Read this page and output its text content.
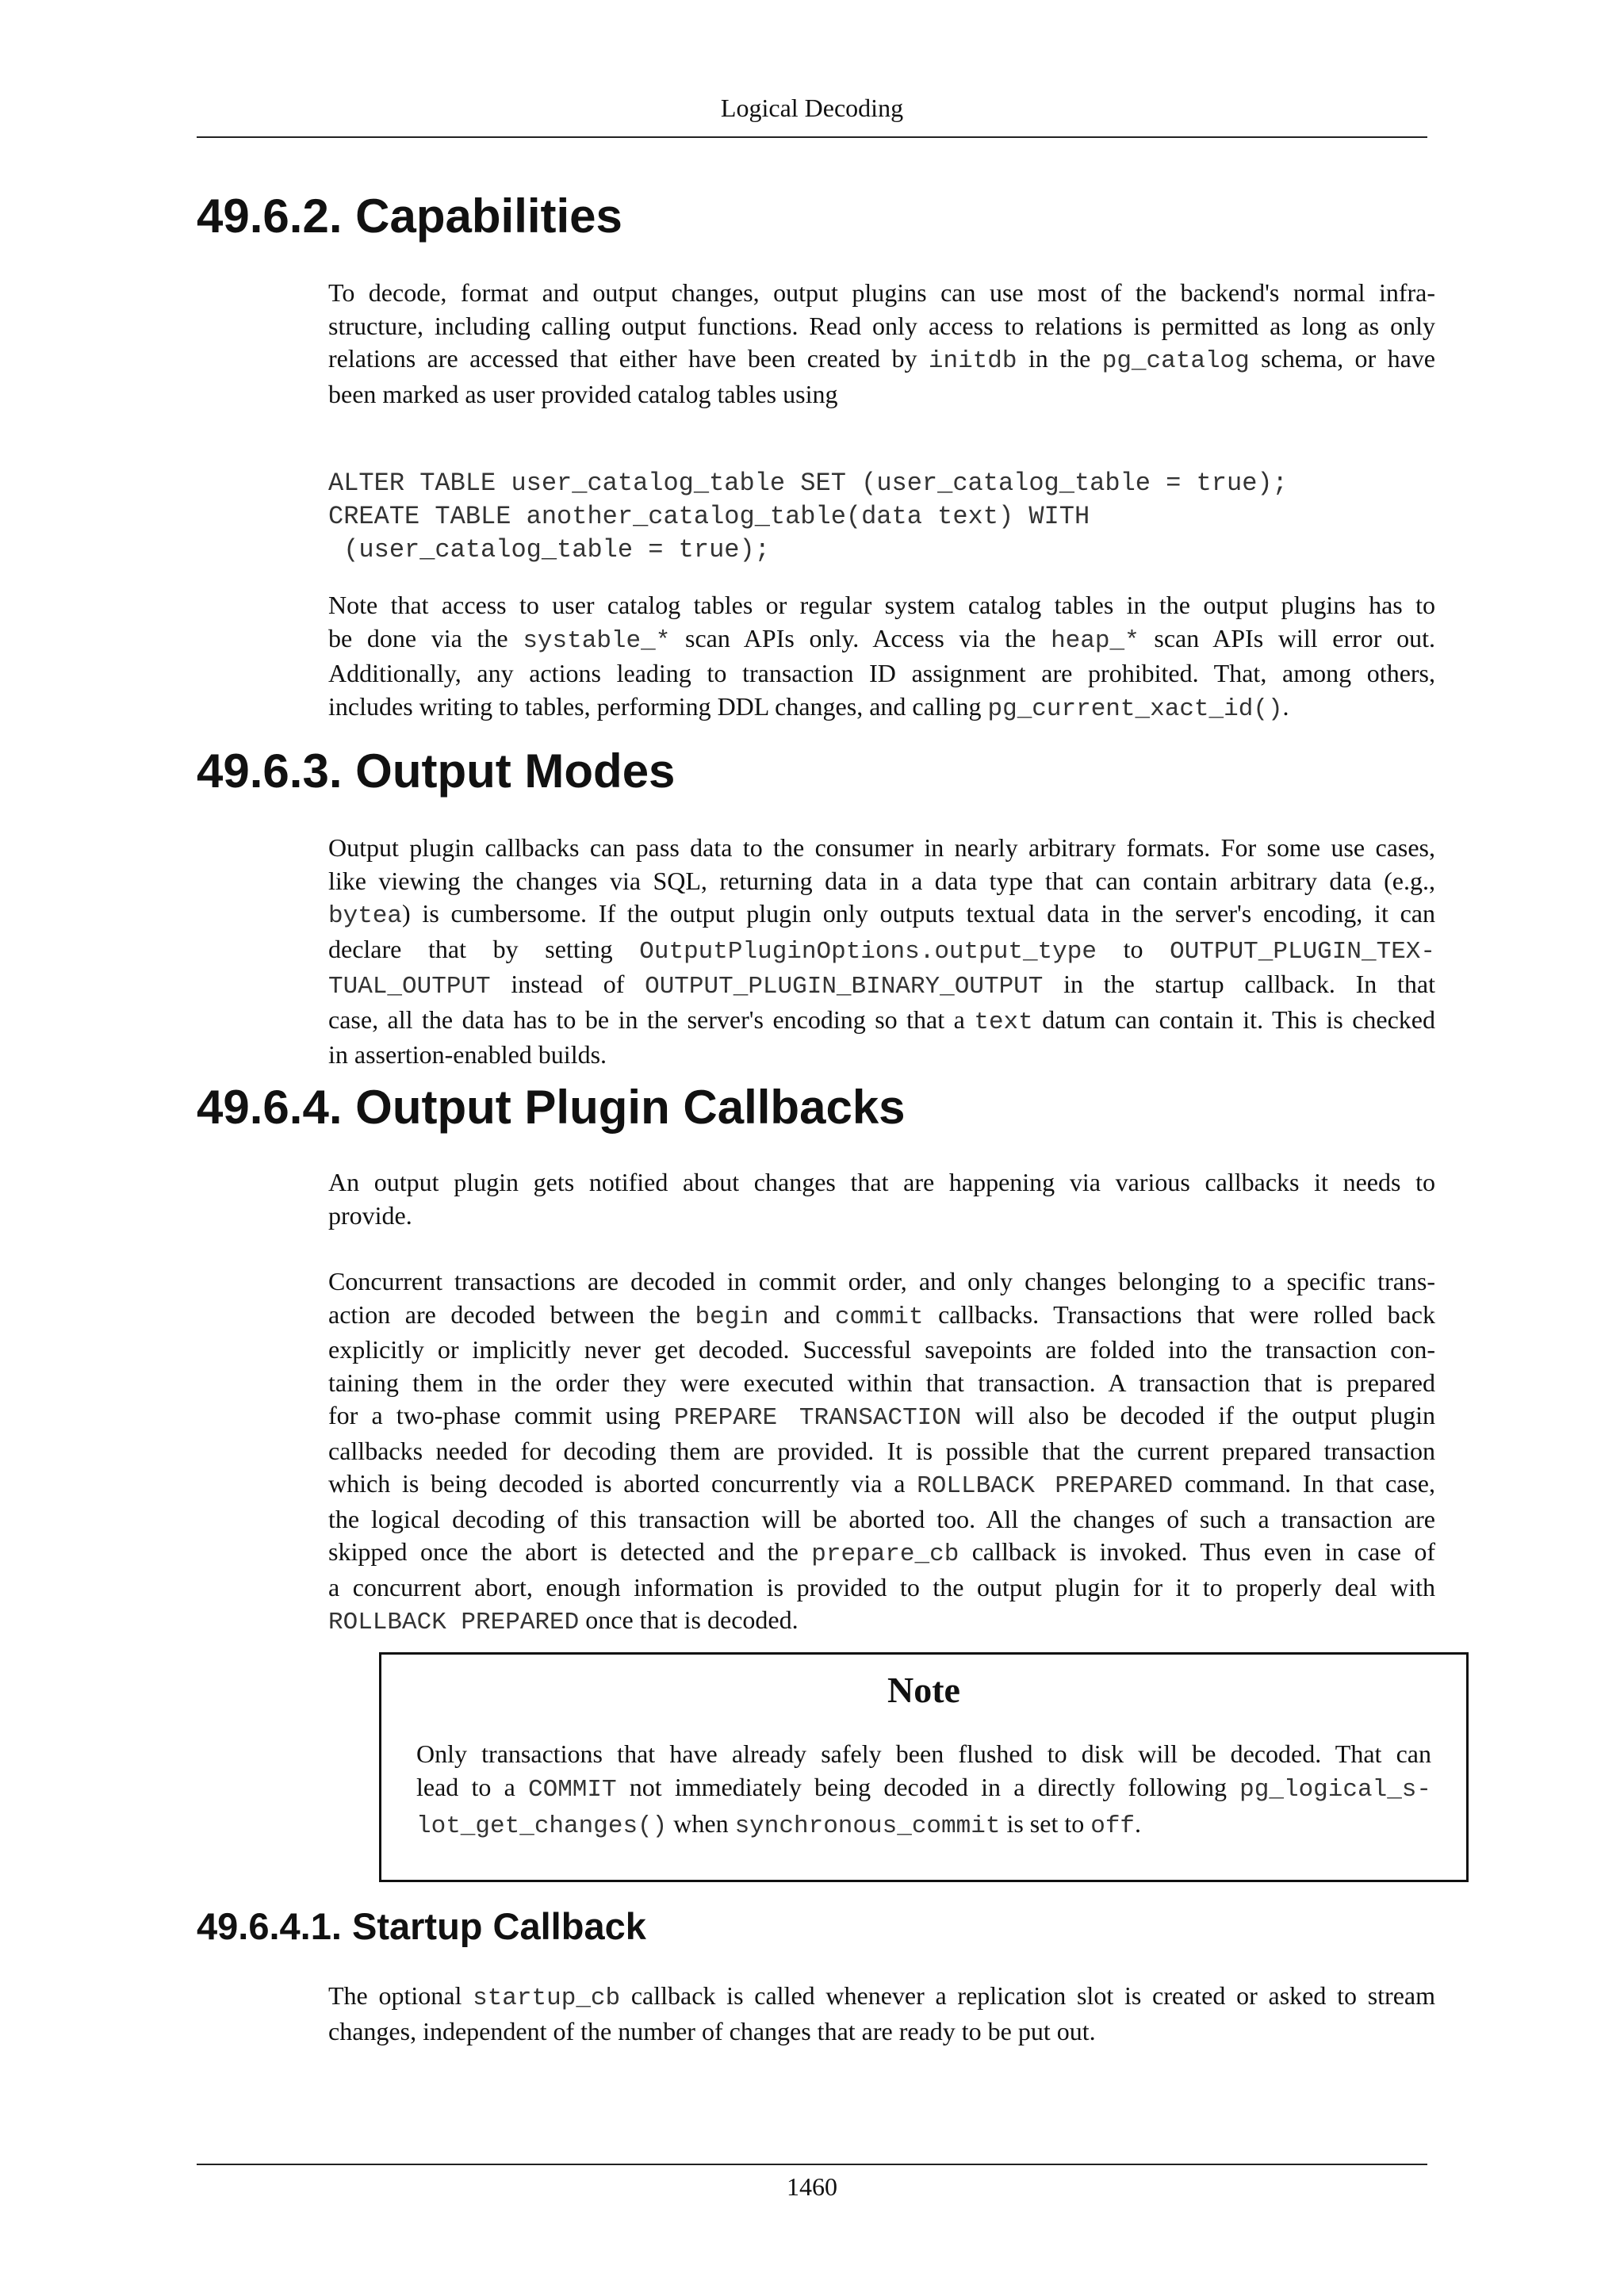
Logical Decoding
49.6.2. Capabilities
To decode, format and output changes, output plugins can use most of the backend's normal infra-
structure, including calling output functions. Read only access to relations is permitted as long as only
relations are accessed that either have been created by initdb in the pg_catalog schema, or have
been marked as user provided catalog tables using
ALTER TABLE user_catalog_table SET (user_catalog_table = true);
CREATE TABLE another_catalog_table(data text) WITH
(user_catalog_table = true);
Note that access to user catalog tables or regular system catalog tables in the output plugins has to
be done via the systable_* scan APIs only. Access via the heap_* scan APIs will error out.
Additionally, any actions leading to transaction ID assignment are prohibited. That, among others,
includes writing to tables, performing DDL changes, and calling pg_current_xact_id().
49.6.3. Output Modes
Output plugin callbacks can pass data to the consumer in nearly arbitrary formats. For some use cases,
like viewing the changes via SQL, returning data in a data type that can contain arbitrary data (e.g.,
bytea) is cumbersome. If the output plugin only outputs textual data in the server's encoding, it can
declare that by setting OutputPluginOptions.output_type to OUTPUT_PLUGIN_TEX-
TUAL_OUTPUT instead of OUTPUT_PLUGIN_BINARY_OUTPUT in the startup callback. In that
case, all the data has to be in the server's encoding so that a text datum can contain it. This is checked
in assertion-enabled builds.
49.6.4. Output Plugin Callbacks
An output plugin gets notified about changes that are happening via various callbacks it needs to
provide.
Concurrent transactions are decoded in commit order, and only changes belonging to a specific trans-
action are decoded between the begin and commit callbacks. Transactions that were rolled back
explicitly or implicitly never get decoded. Successful savepoints are folded into the transaction con-
taining them in the order they were executed within that transaction. A transaction that is prepared
for a two-phase commit using PREPARE TRANSACTION will also be decoded if the output plugin
callbacks needed for decoding them are provided. It is possible that the current prepared transaction
which is being decoded is aborted concurrently via a ROLLBACK PREPARED command. In that case,
the logical decoding of this transaction will be aborted too. All the changes of such a transaction are
skipped once the abort is detected and the prepare_cb callback is invoked. Thus even in case of
a concurrent abort, enough information is provided to the output plugin for it to properly deal with
ROLLBACK PREPARED once that is decoded.
Note
Only transactions that have already safely been flushed to disk will be decoded. That can
lead to a COMMIT not immediately being decoded in a directly following pg_logical_s-
lot_get_changes() when synchronous_commit is set to off.
49.6.4.1. Startup Callback
The optional startup_cb callback is called whenever a replication slot is created or asked to stream
changes, independent of the number of changes that are ready to be put out.
1460
